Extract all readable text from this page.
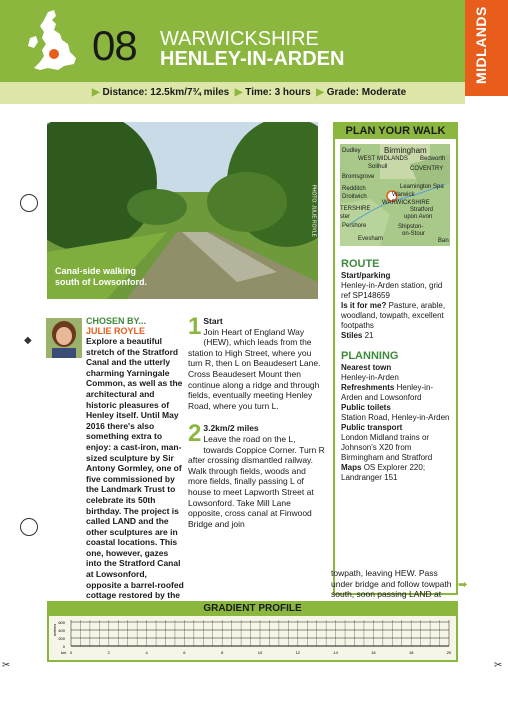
08 WARWICKSHIRE
HENLEY-IN-ARDEN	MIDLANDS
▶ Distance: 12.5km/7¾ miles ▶ Time: 3 hours ▶ Grade: Moderate
Canal-side walking
south of Lowsonford.
PHOTO: JULIE ROYLE
PLAN YOUR WALK
Birmingham
Dudley
WEST MIDLANDS Bedworth
Solihull	COVENTRY
Bromsgrove
Leamington Spa
Redditch
Warwick
Droitwich
WARWICKSHIRE
Stratford
upon Avon
TERSHIRE
ster
Pershore	Shipston-
on-Stour
Evesham	Ban
ROUTE
Start/parking
Henley-in-Arden station, grid ref SP148659
Is it for me? Pasture, arable, woodland, towpath, excellent footpaths
Stiles 21
PLANNING
Nearest town
Henley-in-Arden
Refreshments Henley-in-Arden and Lowsonford
Public toilets
Station Road, Henley-in-Arden
Public transport
London Midland trains or Johnson's X20 from Birmingham and Stratford
Maps OS Explorer 220; Landranger 151
CHOSEN BY...
JULIE ROYLE
Explore a beautiful stretch of the Stratford Canal and the utterly charming Yarningale Common, as well as the architectural and historic pleasures of Henley itself. Until May 2016 there's also something extra to enjoy: a cast-iron, man-sized sculpture by Sir Antony Gormley, one of five commissioned by the Landmark Trust to celebrate its 50th birthday. The project is called LAND and the other sculptures are in coastal locations. This one, however, gazes into the Stratford Canal at Lowsonford, opposite a barrel-roofed cottage restored by the
1 Start
Join Heart of England Way (HEW), which leads from the station to High Street, where you turn R, then L on Beaudesert Lane. Cross Beaudesert Mount then continue along a ridge and through fields, eventually meeting Henley Road, where you turn L.
2 3.2km/2 miles
Leave the road on the L, towards Coppice Corner. Turn R after crossing dismantled railway. Walk through fields, woods and more fields, finally passing L of house to meet Lapworth Street at Lowsonford. Take Mill Lane opposite, cross canal at Finwood Bridge and join
towpath, leaving HEW. Pass under bridge and follow towpath south, soon passing LAND at
➡
GRADIENT PROFILE
metres
600
400
200
0
km 0	2	4	6	8	10	12	14	16	18	20
◆
✂	✂
